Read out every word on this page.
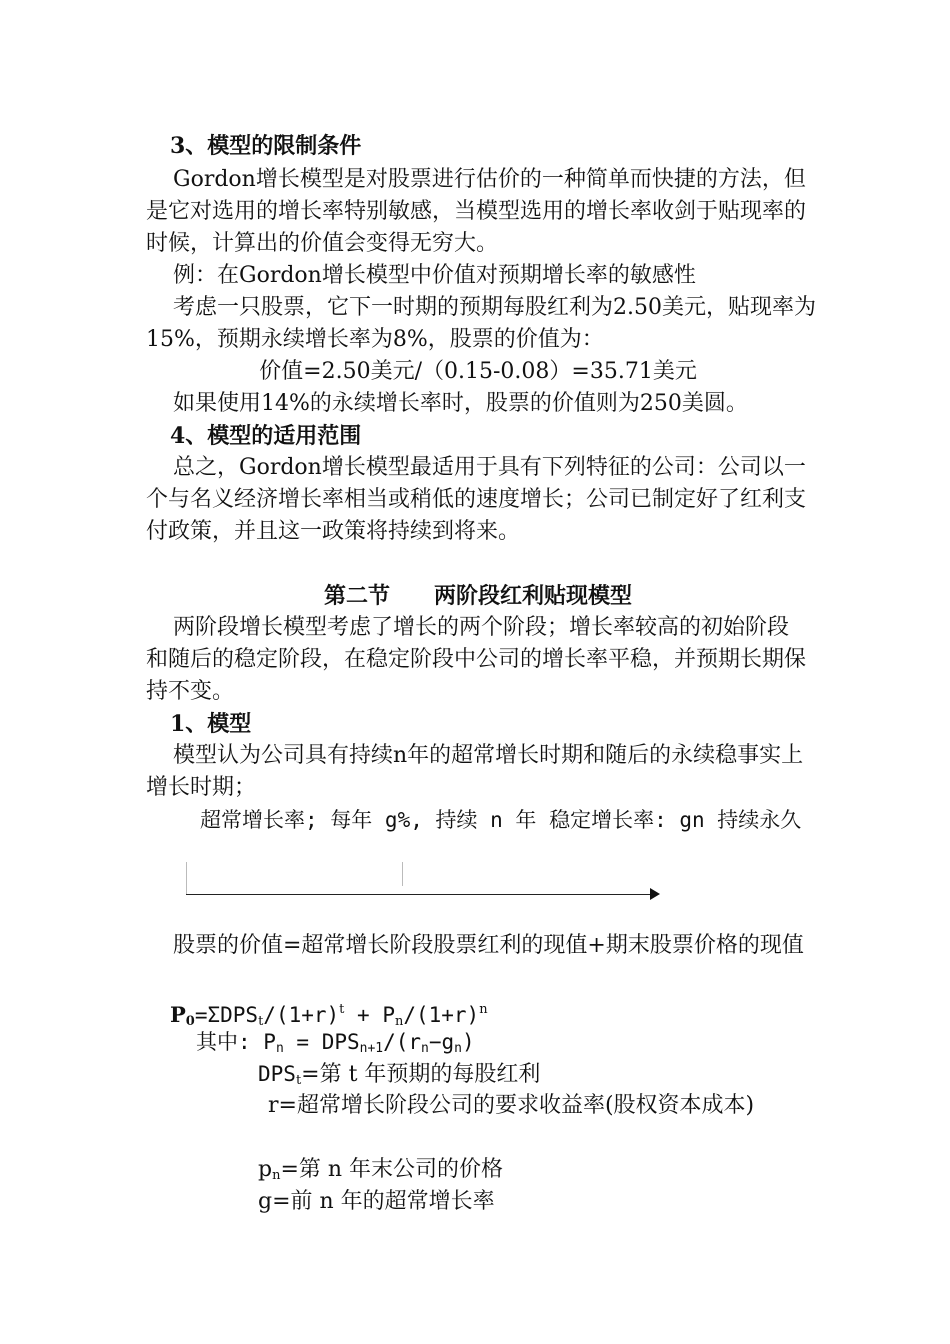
3、模型的限制条件

Gordon增长模型是对股票进行估价的一种简单而快捷的方法，但是它对选用的增长率特别敏感，当模型选用的增长率收剑于贴现率的时候，计算出的价值会变得无穷大。

例：在Gordon增长模型中价值对预期增长率的敏感性

考虑一只股票，它下一时期的预期每股红利为2.50美元，贴现率为15%，预期永续增长率为8%，股票的价值为：

价值=2.50美元/（0.15-0.08）=35.71美元

如果使用14%的永续增长率时，股票的价值则为250美圆。

4、模型的适用范围

总之，Gordon增长模型最适用于具有下列特征的公司：公司以一个与名义经济增长率相当或稍低的速度增长；公司已制定好了红利支付政策，并且这一政策将持续到将来。

第二节　　两阶段红利贴现模型

两阶段增长模型考虑了增长的两个阶段；增长率较高的初始阶段和随后的稳定阶段，在稳定阶段中公司的增长率平稳，并预期长期保持不变。

1、模型

模型认为公司具有持续n年的超常增长时期和随后的永续稳事实上增长时期；

超常增长率; 每年 g%, 持续 n 年 稳定增长率: gn 持续永久

股票的价值=超常增长阶段股票红利的现值+期末股票价格的现值

$P_0=\Sigma DPS_t/(1+r)^t + P_n/(1+r)^n$

其中: $P_n = DPS_{n+1}/(r_n-g_n)$

$DPS_t=$第 t 年预期的每股红利

r=超常增长阶段公司的要求收益率(股权资本成本)

$p_n=$第 n 年末公司的价格

g=前 n 年的超常增长率
